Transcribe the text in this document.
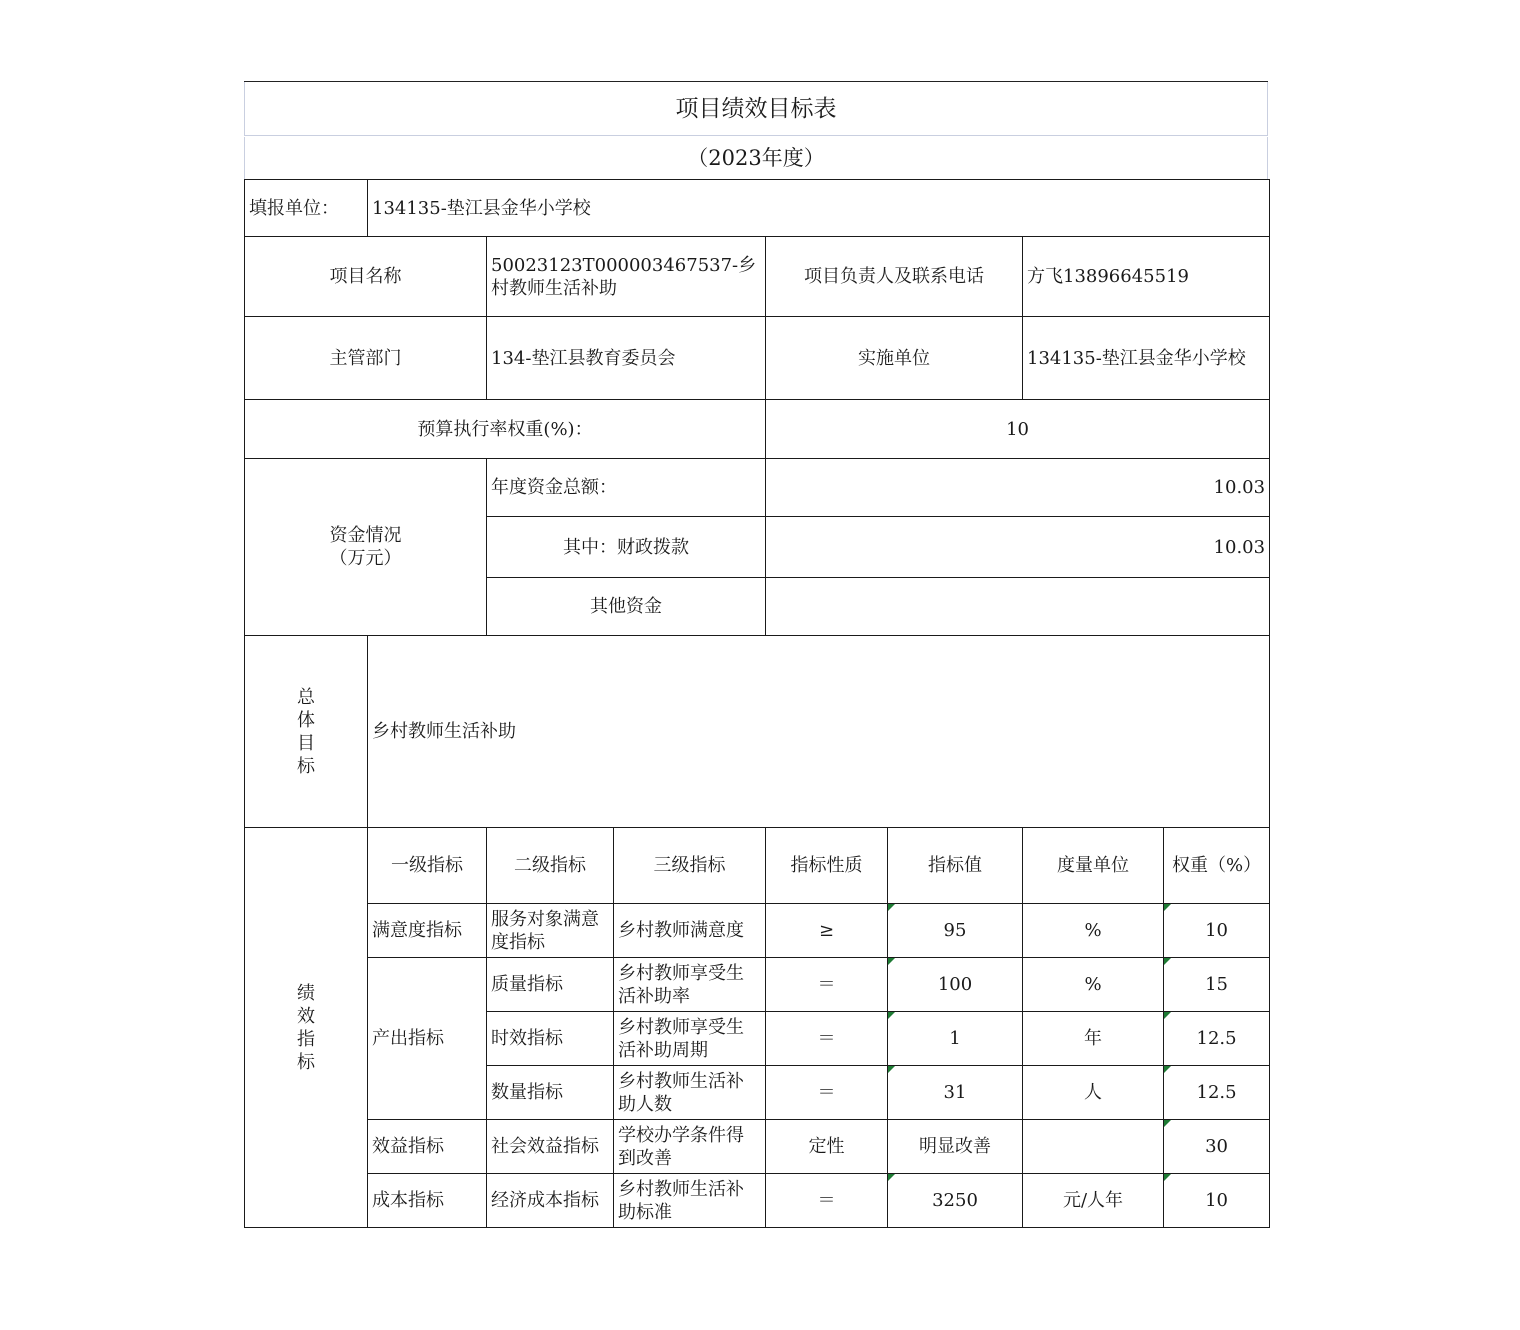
项目绩效目标表
（2023年度）
填报单位：	134135-垫江县金华小学校						
项目名称		50023123T000003467537-乡村教师生活补助		项目负责人及联系电话		方飞13896645519	
主管部门		134-垫江县教育委员会		实施单位		134135-垫江县金华小学校	
预算执行率权重(%)：				10			
资金情况
（万元）		年度资金总额：		10.03			
		其中：财政拨款		10.03			
		其他资金					

总
体
目
标	乡村教师生活补助						

绩
效
指
标	一级指标	二级指标	三级指标	指标性质	指标值	度量单位	权重（%）
	满意度指标	服务对象满意度指标	乡村教师满意度	≥	95	%	10
	产出指标	质量指标	乡村教师享受生活补助率	＝	100	%	15
		时效指标	乡村教师享受生活补助周期	＝	1	年	12.5
		数量指标	乡村教师生活补助人数	＝	31	人	12.5
	效益指标	社会效益指标	学校办学条件得到改善	定性	明显改善		30
	成本指标	经济成本指标	乡村教师生活补助标准	＝	3250	元/人年	10
